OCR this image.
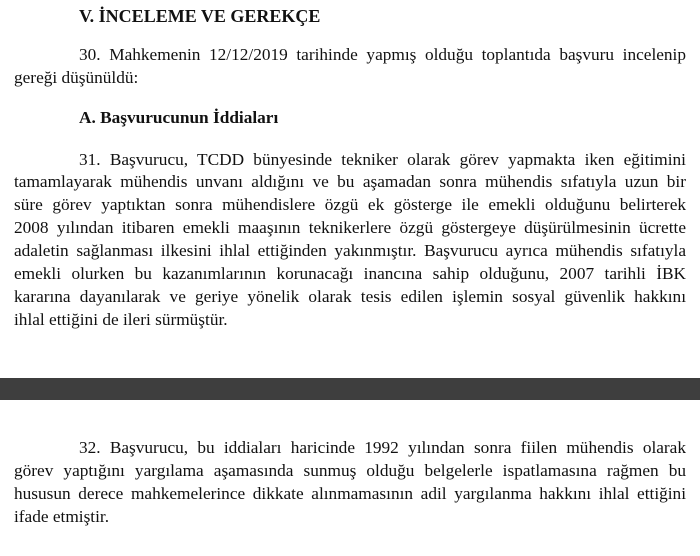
V. İNCELEME VE GEREKÇE
30. Mahkemenin 12/12/2019 tarihinde yapmış olduğu toplantıda başvuru incelenip
gereği düşünüldü:
A. Başvurucunun İddiaları
31. Başvurucu, TCDD bünyesinde tekniker olarak görev yapmakta iken eğitimini
tamamlayarak mühendis unvanı aldığını ve bu aşamadan sonra mühendis sıfatıyla uzun bir
süre görev yaptıktan sonra mühendislere özgü ek gösterge ile emekli olduğunu belirterek
2008 yılından itibaren emekli maaşının teknikerlere özgü göstergeye düşürülmesinin ücrette
adaletin sağlanması ilkesini ihlal ettiğinden yakınmıştır. Başvurucu ayrıca mühendis sıfatıyla
emekli olurken bu kazanımlarının korunacağı inancına sahip olduğunu, 2007 tarihli İBK
kararına dayanılarak ve geriye yönelik olarak tesis edilen işlemin sosyal güvenlik hakkını
ihlal ettiğini de ileri sürmüştür.
32. Başvurucu, bu iddiaları haricinde 1992 yılından sonra fiilen mühendis olarak
görev yaptığını yargılama aşamasında sunmuş olduğu belgelerle ispatlamasına rağmen bu
hususun derece mahkemelerince dikkate alınmamasının adil yargılanma hakkını ihlal ettiğini
ifade etmiştir.
